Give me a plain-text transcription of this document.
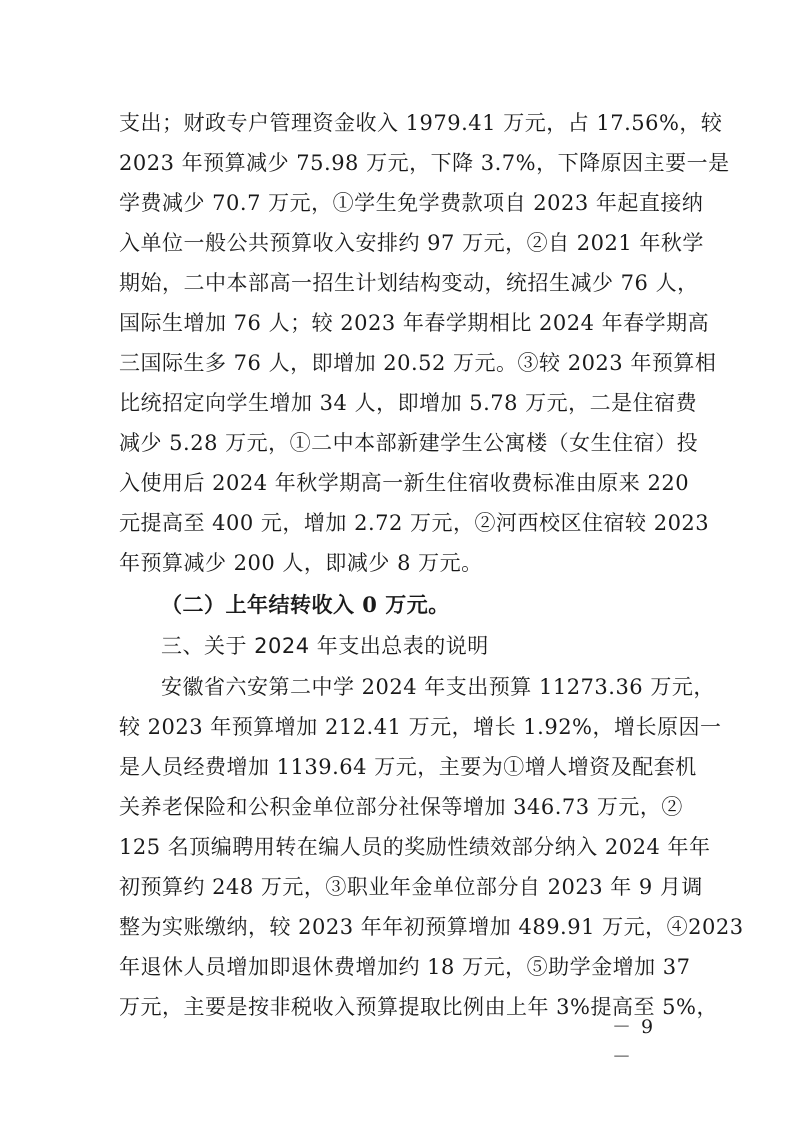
支出；财政专户管理资金收入 1979.41 万元，占 17.56%，较
2023 年预算减少 75.98 万元，下降 3.7%，下降原因主要一是
学费减少 70.7 万元，①学生免学费款项自 2023 年起直接纳
入单位一般公共预算收入安排约 97 万元，②自 2021 年秋学
期始，二中本部高一招生计划结构变动，统招生减少 76 人，
国际生增加 76 人；较 2023 年春学期相比 2024 年春学期高
三国际生多 76 人，即增加 20.52 万元。③较 2023 年预算相
比统招定向学生增加 34 人，即增加 5.78 万元，二是住宿费
减少 5.28 万元，①二中本部新建学生公寓楼（女生住宿）投
入使用后 2024 年秋学期高一新生住宿收费标准由原来 220
元提高至 400 元，增加 2.72 万元，②河西校区住宿较 2023
年预算减少 200 人，即减少 8 万元。
（二）上年结转收入 0 万元。
三、关于 2024 年支出总表的说明
安徽省六安第二中学 2024 年支出预算 11273.36 万元，
较 2023 年预算增加 212.41 万元，增长 1.92%，增长原因一
是人员经费增加 1139.64 万元，主要为①增人增资及配套机
关养老保险和公积金单位部分社保等增加 346.73 万元，②
125 名顶编聘用转在编人员的奖励性绩效部分纳入 2024 年年
初预算约 248 万元，③职业年金单位部分自 2023 年 9 月调
整为实账缴纳，较 2023 年年初预算增加 489.91 万元，④2023
年退休人员增加即退休费增加约 18 万元，⑤助学金增加 37
万元，主要是按非税收入预算提取比例由上年 3%提高至 5%，
－ 9 －
